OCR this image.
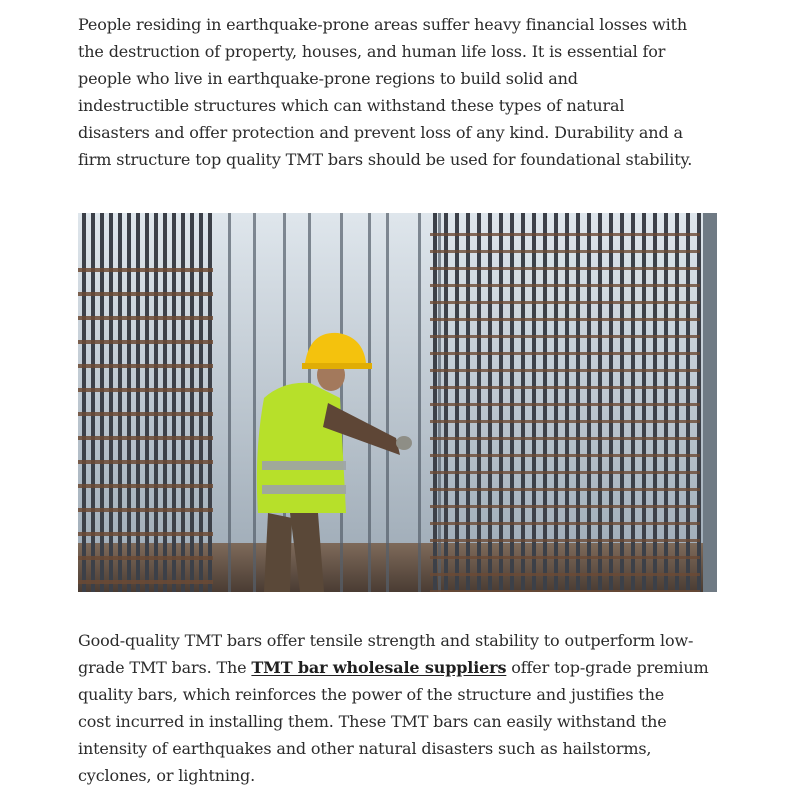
People residing in earthquake-prone areas suffer heavy financial losses with
the destruction of property, houses, and human life loss. It is essential for
people who live in earthquake-prone regions to build solid and
indestructible structures which can withstand these types of natural
disasters and offer protection and prevent loss of any kind. Durability and a
firm structure top quality TMT bars should be used for foundational stability.

Good-quality TMT bars offer tensile strength and stability to outperform low-
grade TMT bars. The TMT bar wholesale suppliers offer top-grade premium
quality bars, which reinforces the power of the structure and justifies the
cost incurred in installing them. These TMT bars can easily withstand the
intensity of earthquakes and other natural disasters such as hailstorms,
cyclones, or lightning.
